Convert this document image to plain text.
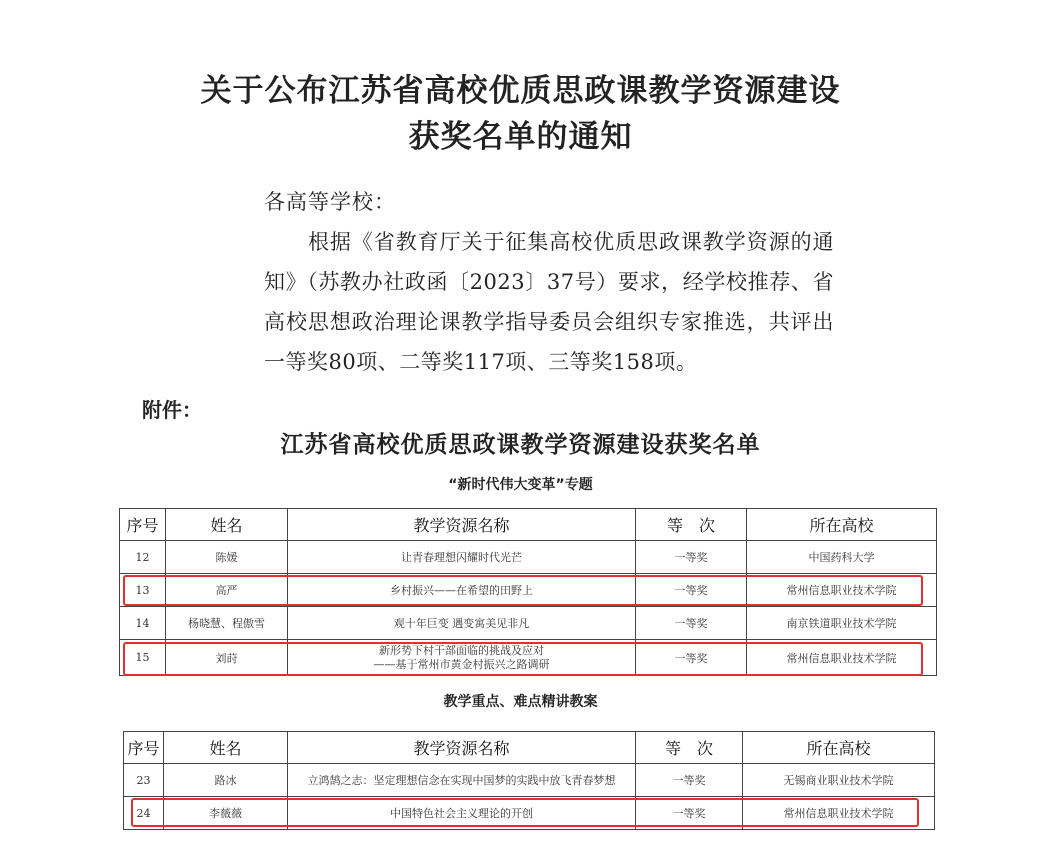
关于公布江苏省高校优质思政课教学资源建设
获奖名单的通知
各高等学校：
根据《省教育厅关于征集高校优质思政课教学资源的通知》（苏教办社政函〔2023〕37号）要求，经学校推荐、省高校思想政治理论课教学指导委员会组织专家推选，共评出一等奖80项、二等奖117项、三等奖158项。
附件：
江苏省高校优质思政课教学资源建设获奖名单
“新时代伟大变革”专题
序号	姓名	教学资源名称	等　次	所在高校
12	陈媛	让青春理想闪耀时代光芒	一等奖	中国药科大学
13	高严	乡村振兴——在希望的田野上	一等奖	常州信息职业技术学院
14	杨晓慧、程傲雪	观十年巨变 遇变寓美见非凡	一等奖	南京铁道职业技术学院
15	刘莳	新形势下村干部面临的挑战及应对
——基于常州市黄金村振兴之路调研	一等奖	常州信息职业技术学院
教学重点、难点精讲教案
序号	姓名	教学资源名称	等　次	所在高校
23	路冰	立鸿鹄之志：坚定理想信念在实现中国梦的实践中放飞青春梦想	一等奖	无锡商业职业技术学院
24	李薇薇	中国特色社会主义理论的开创	一等奖	常州信息职业技术学院
